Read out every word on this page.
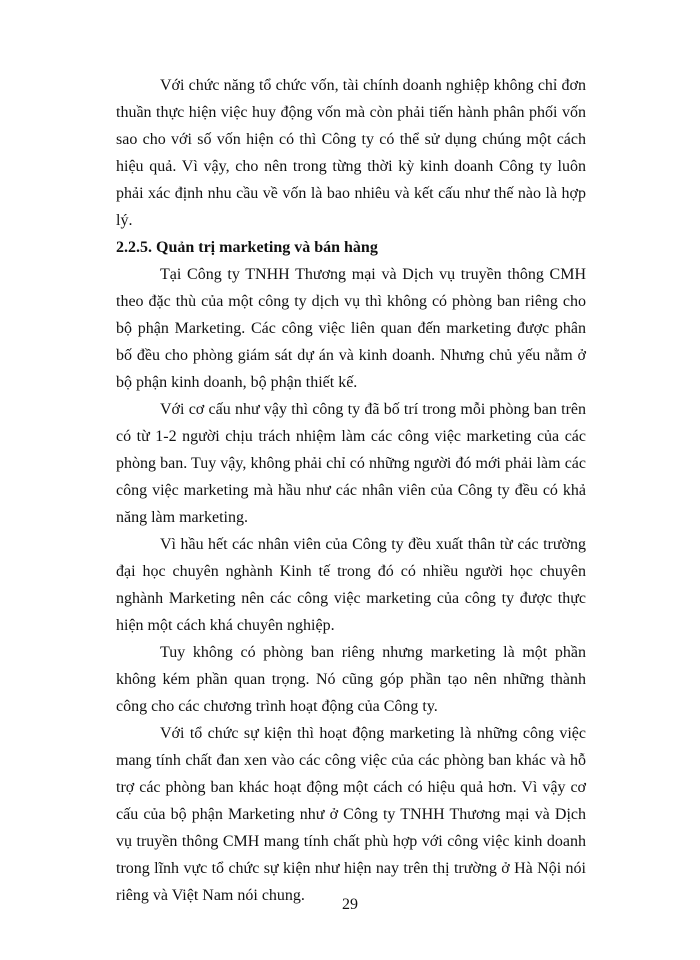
Với chức năng tổ chức vốn, tài chính doanh nghiệp không chỉ đơn thuần thực hiện việc huy động vốn mà còn phải tiến hành phân phối vốn sao cho với số vốn hiện có thì Công ty có thể sử dụng chúng một cách hiệu quả. Vì vậy, cho nên trong từng thời kỳ kinh doanh Công ty luôn phải xác định nhu cầu về vốn là bao nhiêu và kết cấu như thế nào là hợp lý.

2.2.5. Quản trị marketing và bán hàng

Tại Công ty TNHH Thương mại và Dịch vụ truyền thông CMH theo đặc thù của một công ty dịch vụ thì không có phòng ban riêng cho bộ phận Marketing. Các công việc liên quan đến marketing được phân bố đều cho phòng giám sát dự án và kinh doanh. Nhưng chủ yếu nằm ở bộ phận kinh doanh, bộ phận thiết kế.

Với cơ cấu như vậy thì công ty đã bố trí trong mỗi phòng ban trên có từ 1-2 người chịu trách nhiệm làm các công việc marketing của các phòng ban. Tuy vậy, không phải chỉ có những người đó mới phải làm các công việc marketing mà hầu như các nhân viên của Công ty đều có khả năng làm marketing.

Vì hầu hết các nhân viên của Công ty đều xuất thân từ các trường đại học chuyên nghành Kinh tế trong đó có nhiều người học chuyên nghành Marketing nên các công việc marketing của công ty được thực hiện một cách khá chuyên nghiệp.

Tuy không có phòng ban riêng nhưng marketing là một phần không kém phần quan trọng. Nó cũng góp phần tạo nên những thành công cho các chương trình hoạt động của Công ty.

Với tổ chức sự kiện thì hoạt động marketing là những công việc mang tính chất đan xen vào các công việc của các phòng ban khác và hỗ trợ các phòng ban khác hoạt động một cách có hiệu quả hơn. Vì vậy cơ cấu của bộ phận Marketing như ở Công ty TNHH Thương mại và Dịch vụ truyền thông CMH mang tính chất phù hợp với công việc kinh doanh trong lĩnh vực tổ chức sự kiện như hiện nay trên thị trường ở Hà Nội nói riêng và Việt Nam nói chung.

29
